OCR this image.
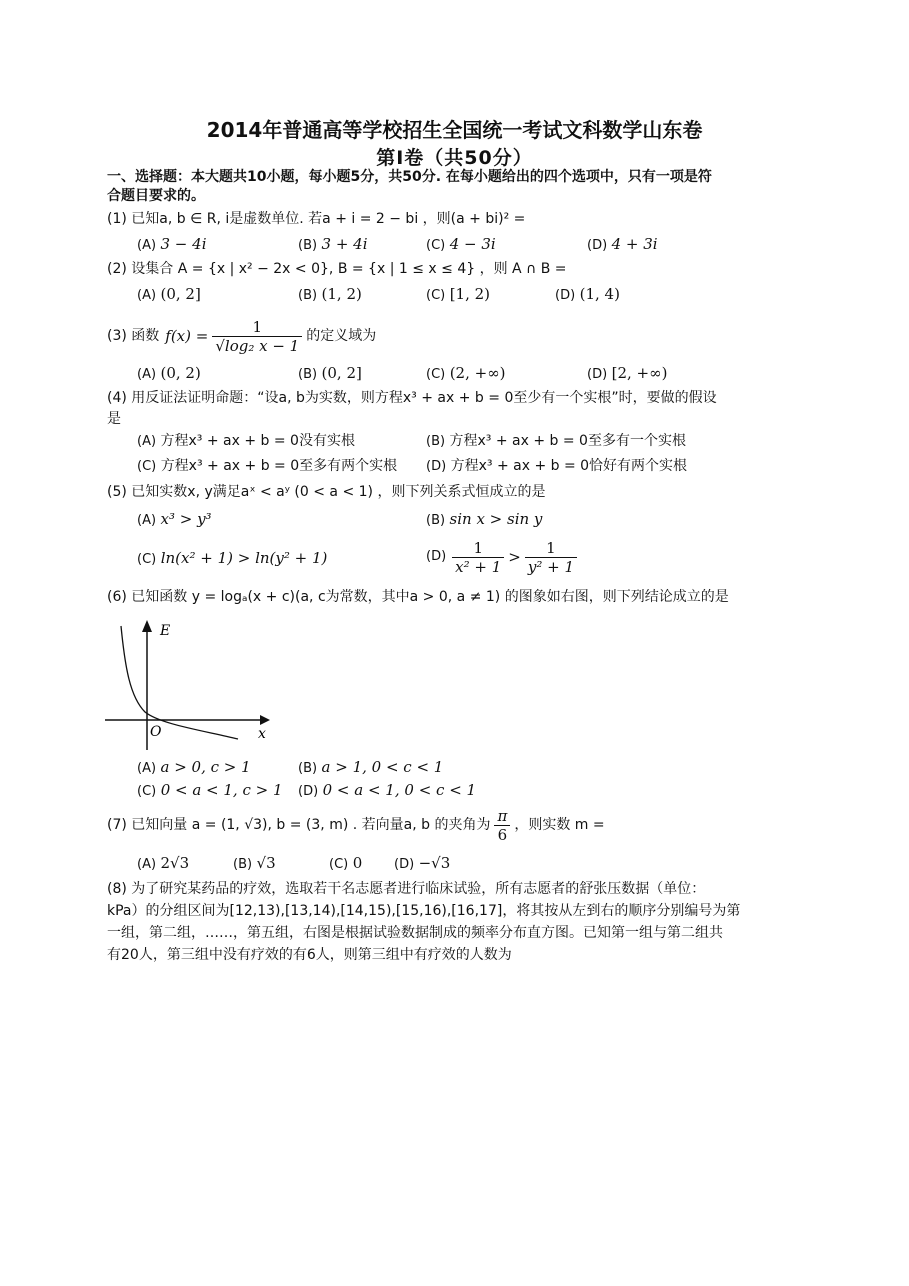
2014年普通高等学校招生全国统一考试文科数学山东卷
第Ⅰ卷（共50分）
一、选择题：本大题共10小题，每小题5分，共50分. 在每小题给出的四个选项中，只有一项是符
合题目要求的。
(1) 已知a, b ∈ R, i是虚数单位. 若a + i = 2 − bi ，则(a + bi)² =
(A) 3 − 4i	(B) 3 + 4i	(C) 4 − 3i	(D) 4 + 3i
(2) 设集合 A = {x | x² − 2x < 0}, B = {x | 1 ≤ x ≤ 4} ，则 A ∩ B =
(A) (0, 2]	(B) (1, 2)	(C) [1, 2)	(D) (1, 4)
(3) 函数 $f(x) = \frac{1}{\text{√log₂ x − 1}}$ 的定义域为
(A) (0, 2)	(B) (0, 2]	(C) (2, +∞)	(D) [2, +∞)
(4) 用反证法证明命题：“设a, b为实数，则方程x³ + ax + b = 0至少有一个实根”时，要做的假设
是
(A) 方程x³ + ax + b = 0没有实根	(B) 方程x³ + ax + b = 0至多有一个实根
(C) 方程x³ + ax + b = 0至多有两个实根 (D) 方程x³ + ax + b = 0恰好有两个实根
(5) 已知实数x, y满足aˣ < aʸ (0 < a < 1) ，则下列关系式恒成立的是
(A) x³ > y³	(B) sin x > sin y
(C) ln(x² + 1) > ln(y² + 1)	$(D) \frac{1}{\text{x² + 1}} > \frac{1}{\text{y² + 1}}$
(6) 已知函数 y = logₐ(x + c)(a, c为常数，其中a > 0, a ≠ 1) 的图象如右图，则下列结论成立的是
E
x
O
(A) a > 0, c > 1	(B) a > 1, 0 < c < 1
(C) 0 < a < 1, c > 1 (D) 0 < a < 1, 0 < c < 1
(7) 已知向量 a = (1, √3), b = (3, m) . 若向量a, b 的夹角为 $\frac{\pi}{6}$ ，则实数 m =
(A) 2√3	(B) √3	(C) 0 (D) −√3
(8) 为了研究某药品的疗效，选取若干名志愿者进行临床试验，所有志愿者的舒张压数据（单位：
kPa）的分组区间为[12,13),[13,14),[14,15),[15,16),[16,17]，将其按从左到右的顺序分别编号为第
一组，第二组，……，第五组，右图是根据试验数据制成的频率分布直方图。已知第一组与第二组共
有20人，第三组中没有疗效的有6人，则第三组中有疗效的人数为
